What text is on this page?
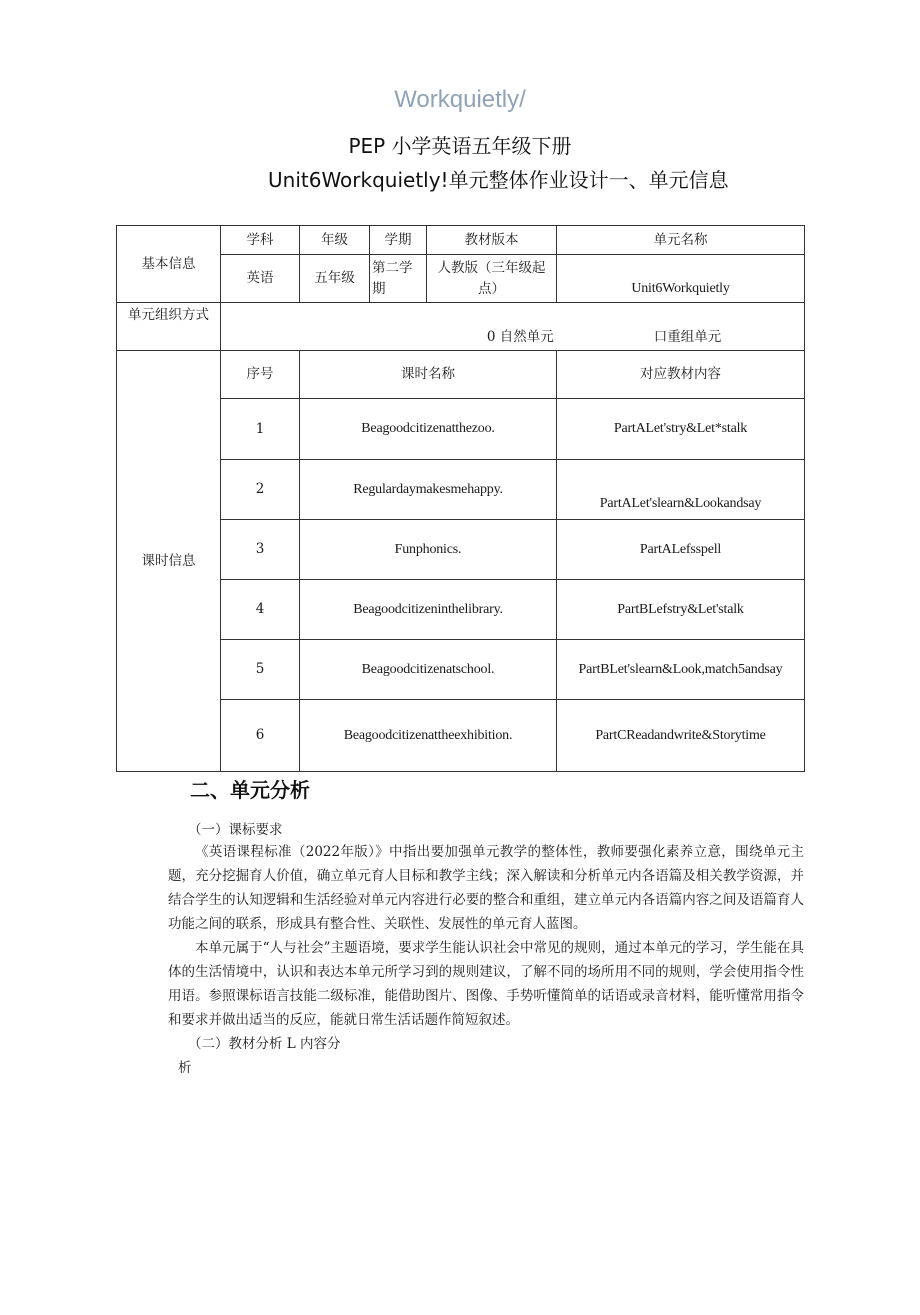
Workquietly/
PEP 小学英语五年级下册
Unit6Workquietly!单元整体作业设计一、单元信息
基本信息	学科	年级	学期	教材版本	单元名称
	英语	五年级	第二学期	人教版（三年级起点）	Unit6Workquietly
单元组织方式	0 自然单元 口重组单元				
课时信息	序号	课时名称			对应教材内容
	1	Beagoodcitizenatthezoo.			PartALet'stry&Let*stalk
	2	Regulardaymakesmehappy.			PartALet'slearn&Lookandsay
	3	Funphonics.			PartALefsspell
	4	Beagoodcitizeninthelibrary.			PartBLefstry&Let'stalk
	5	Beagoodcitizenatschool.			PartBLet'slearn&Look,match5andsay
	6	Beagoodcitizenattheexhibition.			PartCReadandwrite&Storytime
二、单元分析
（一）课标要求
《英语课程标准（2022年版）》中指出要加强单元教学的整体性，教师要强化素养立意，围绕单元主题，充分挖掘育人价值，确立单元育人目标和教学主线；深入解读和分析单元内各语篇及相关教学资源，并结合学生的认知逻辑和生活经验对单元内容进行必要的整合和重组，建立单元内各语篇内容之间及语篇育人功能之间的联系，形成具有整合性、关联性、发展性的单元育人蓝图。
本单元属于“人与社会”主题语境，要求学生能认识社会中常见的规则，通过本单元的学习，学生能在具体的生活情境中，认识和表达本单元所学习到的规则建议，了解不同的场所用不同的规则，学会使用指令性用语。参照课标语言技能二级标准，能借助图片、图像、手势听懂简单的话语或录音材料，能听懂常用指令和要求并做出适当的反应，能就日常生活话题作简短叙述。
（二）教材分析 L 内容分
析
